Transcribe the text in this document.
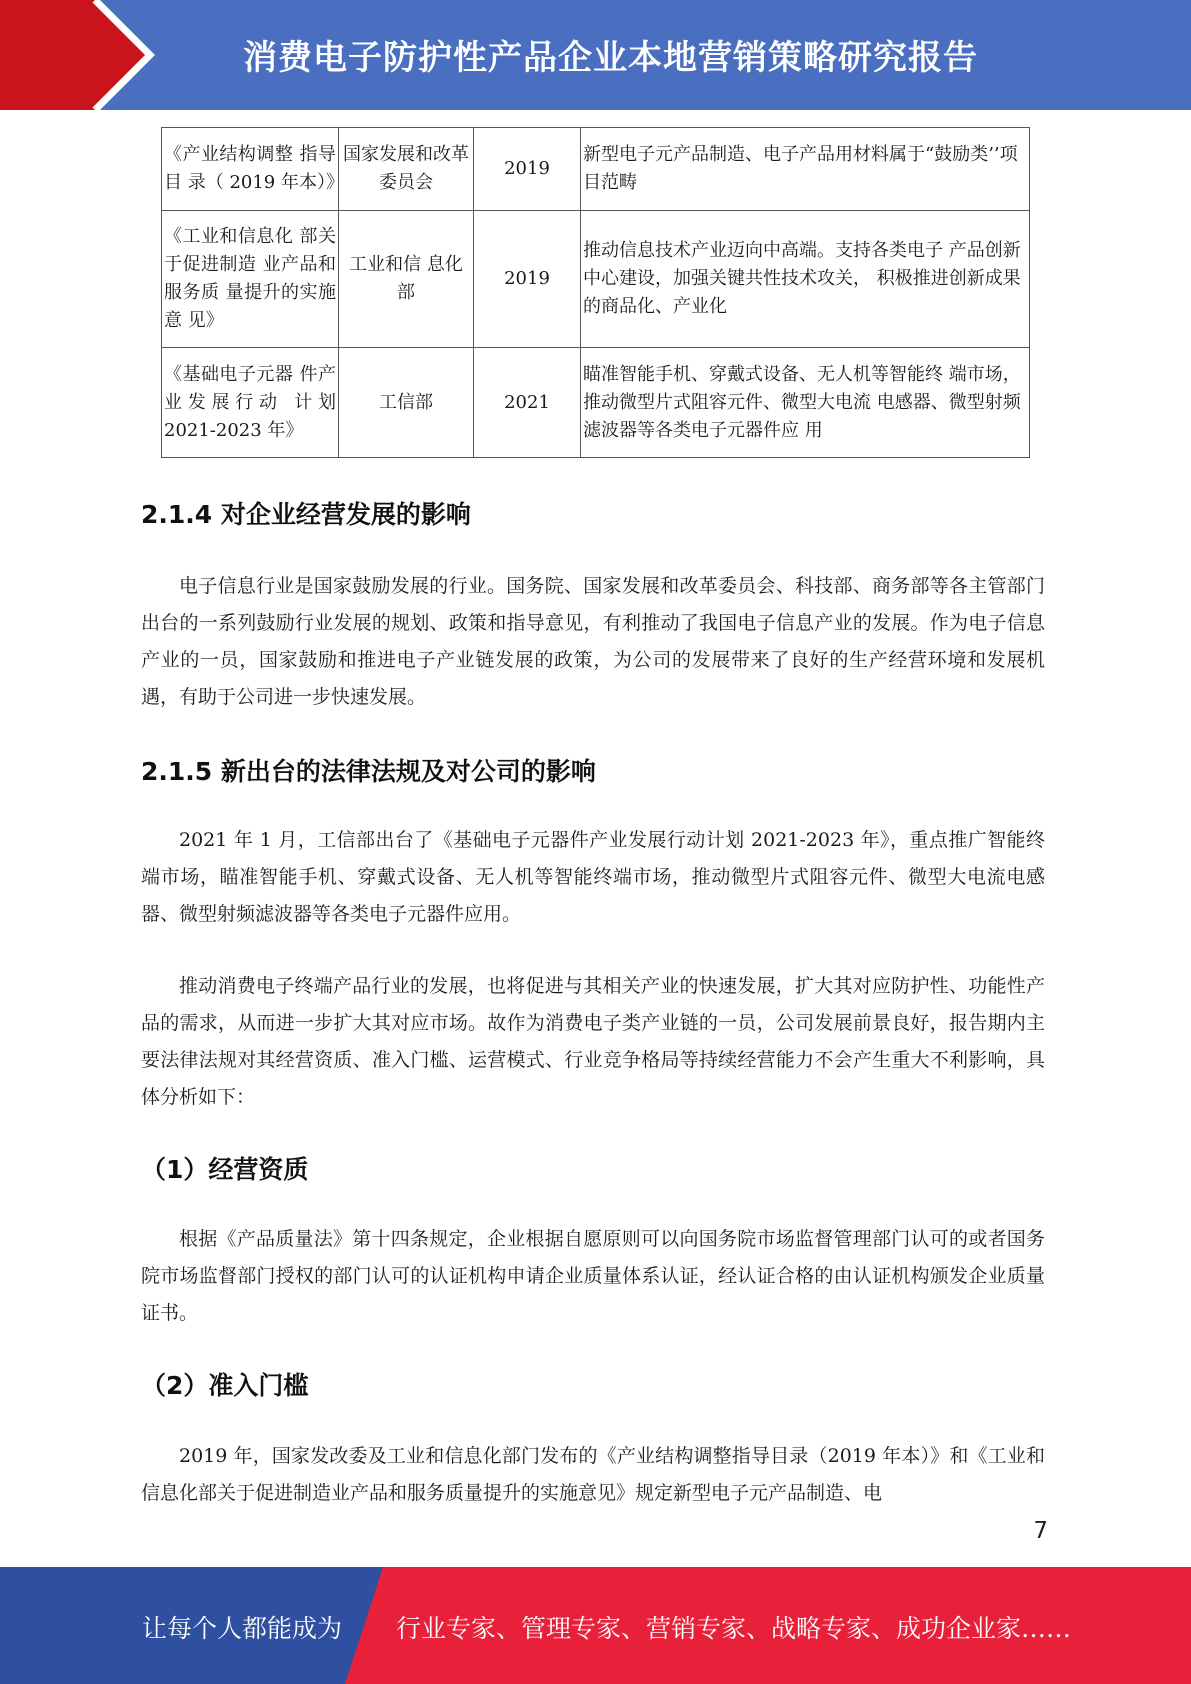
消费电子防护性产品企业本地营销策略研究报告
《产业结构调整 指导 目 录（ 2019 年本）》	国家发展和改革委员会	2019	新型电子元产品制造、电子产品用材料属于“鼓励类’’项目范畴
《工业和信息化 部关于促进制造 业产品和服务质 量提升的实施意 见》	工业和信 息化部	2019	推动信息技术产业迈向中高端。支持各类电子 产品创新中心建设，加强关键共性技术攻关， 积极推进创新成果的商品化、产业化
《基础电子元器 件产业发展行动 计划 2021-2023 年》	工信部	2021	瞄准智能手机、穿戴式设备、无人机等智能终 端市场，推动微型片式阻容元件、微型大电流 电感器、微型射频滤波器等各类电子元器件应 用
2.1.4 对企业经营发展的影响

电子信息行业是国家鼓励发展的行业。国务院、国家发展和改革委员会、科技部、商务部等各主管部门出台的一系列鼓励行业发展的规划、政策和指导意见，有利推动了我国电子信息产业的发展。作为电子信息产业的一员，国家鼓励和推进电子产业链发展的政策，为公司的发展带来了良好的生产经营环境和发展机遇，有助于公司进一步快速发展。

2.1.5 新出台的法律法规及对公司的影响

2021 年 1 月，工信部出台了《基础电子元器件产业发展行动计划 2021-2023 年》，重点推广智能终端市场，瞄准智能手机、穿戴式设备、无人机等智能终端市场，推动微型片式阻容元件、微型大电流电感器、微型射频滤波器等各类电子元器件应用。

推动消费电子终端产品行业的发展，也将促进与其相关产业的快速发展，扩大其对应防护性、功能性产品的需求，从而进一步扩大其对应市场。故作为消费电子类产业链的一员，公司发展前景良好，报告期内主要法律法规对其经营资质、准入门槛、运营模式、行业竞争格局等持续经营能力不会产生重大不利影响，具体分析如下：

（1）经营资质

根据《产品质量法》第十四条规定，企业根据自愿原则可以向国务院市场监督管理部门认可的或者国务院市场监督部门授权的部门认可的认证机构申请企业质量体系认证，经认证合格的由认证机构颁发企业质量证书。

（2）准入门槛

2019 年，国家发改委及工业和信息化部门发布的《产业结构调整指导目录（2019 年本）》和《工业和信息化部关于促进制造业产品和服务质量提升的实施意见》规定新型电子元产品制造、电

7
让每个人都能成为 行业专家、管理专家、营销专家、战略专家、成功企业家……
